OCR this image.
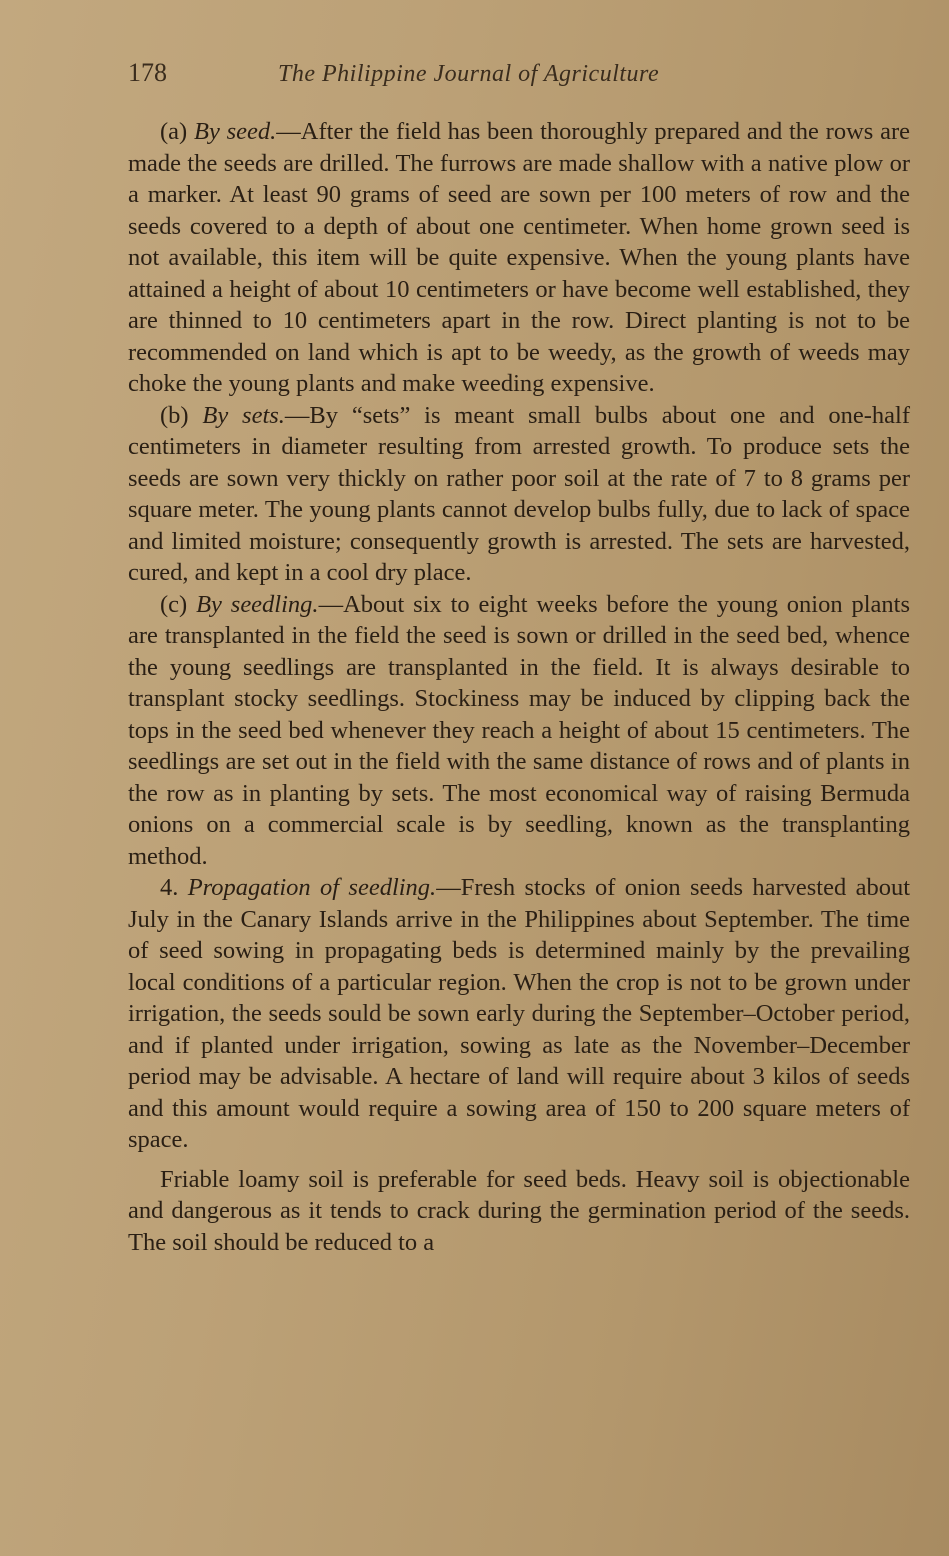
178	The Philippine Journal of Agriculture

(a) By seed.—After the field has been thoroughly prepared and the rows are made the seeds are drilled. The furrows are made shallow with a native plow or a marker. At least 90 grams of seed are sown per 100 meters of row and the seeds covered to a depth of about one centimeter. When home grown seed is not available, this item will be quite expensive. When the young plants have attained a height of about 10 centimeters or have become well established, they are thinned to 10 centimeters apart in the row. Direct planting is not to be recommended on land which is apt to be weedy, as the growth of weeds may choke the young plants and make weeding expensive.

(b) By sets.—By “sets” is meant small bulbs about one and one-half centimeters in diameter resulting from arrested growth. To produce sets the seeds are sown very thickly on rather poor soil at the rate of 7 to 8 grams per square meter. The young plants cannot develop bulbs fully, due to lack of space and limited moisture; consequently growth is arrested. The sets are harvested, cured, and kept in a cool dry place.

(c) By seedling.—About six to eight weeks before the young onion plants are transplanted in the field the seed is sown or drilled in the seed bed, whence the young seedlings are transplanted in the field. It is always desirable to transplant stocky seedlings. Stockiness may be induced by clipping back the tops in the seed bed whenever they reach a height of about 15 centimeters. The seedlings are set out in the field with the same distance of rows and of plants in the row as in planting by sets. The most economical way of raising Bermuda onions on a commercial scale is by seedling, known as the transplanting method.

4. Propagation of seedling.—Fresh stocks of onion seeds harvested about July in the Canary Islands arrive in the Philippines about September. The time of seed sowing in propagating beds is determined mainly by the prevailing local conditions of a particular region. When the crop is not to be grown under irrigation, the seeds sould be sown early during the September–October period, and if planted under irrigation, sowing as late as the November–December period may be advisable. A hectare of land will require about 3 kilos of seeds and this amount would require a sowing area of 150 to 200 square meters of space.

Friable loamy soil is preferable for seed beds. Heavy soil is objectionable and dangerous as it tends to crack during the germination period of the seeds. The soil should be reduced to a
